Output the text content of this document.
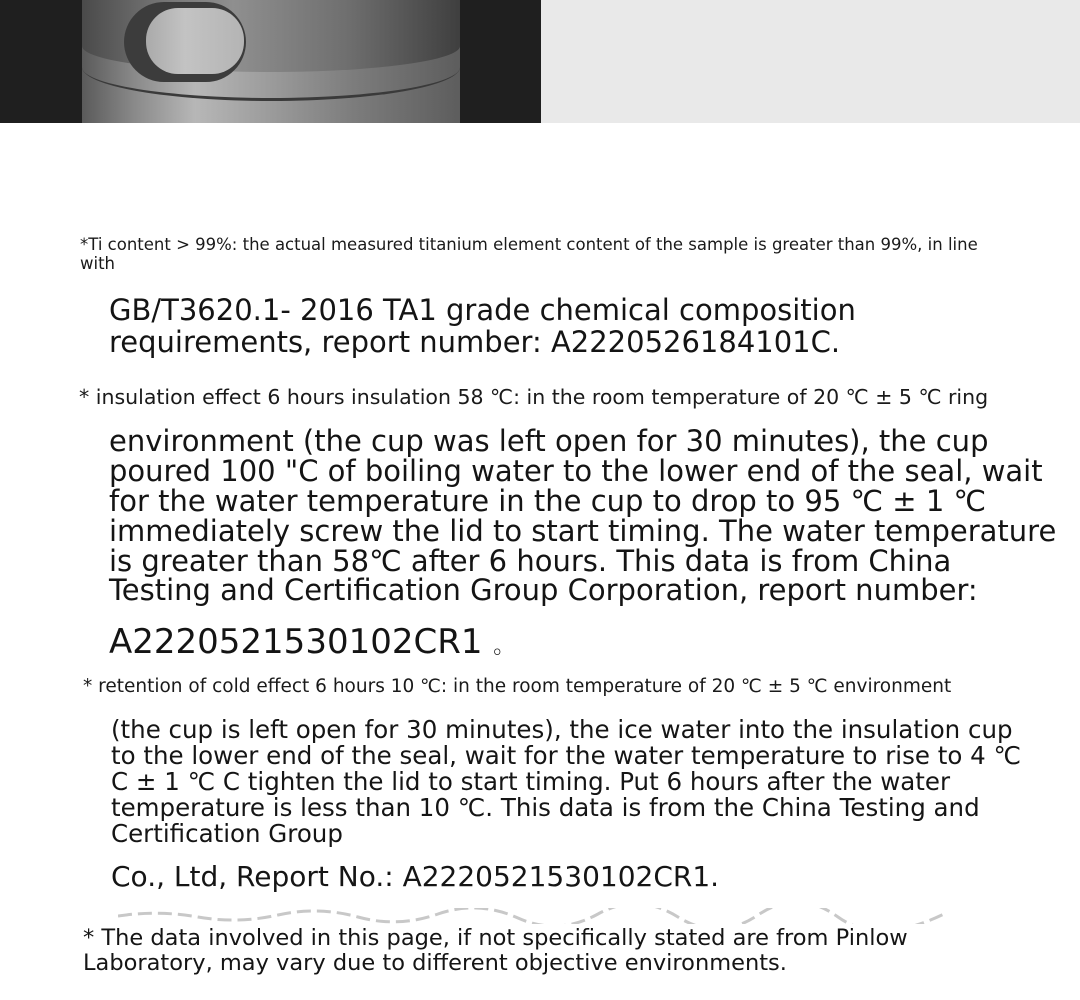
*Ti content > 99%: the actual measured titanium element content of the sample is greater than 99%, in line

with

GB/T3620.1- 2016 TA1 grade chemical composition

requirements, report number: A2220526184101C.

* insulation effect 6 hours insulation 58 ℃: in the room temperature of 20 ℃ ± 5 ℃ ring

environment (the cup was left open for 30 minutes), the cup

poured 100 "C of boiling water to the lower end of the seal, wait

for the water temperature in the cup to drop to 95 ℃ ± 1 ℃

immediately screw the lid to start timing. The water temperature

is greater than 58℃ after 6 hours. This data is from China

Testing and Certification Group Corporation, report number:

A2220521530102CR1 。

* retention of cold effect 6 hours 10 ℃: in the room temperature of 20 ℃ ± 5 ℃ environment

(the cup is left open for 30 minutes), the ice water into the insulation cup

to the lower end of the seal, wait for the water temperature to rise to 4 ℃

C ± 1 ℃ C tighten the lid to start timing. Put 6 hours after the water

temperature is less than 10 ℃. This data is from the China Testing and

Certification Group

Co., Ltd, Report No.: A2220521530102CR1.

* The data involved in this page, if not specifically stated are from Pinlow

Laboratory, may vary due to different objective environments.
